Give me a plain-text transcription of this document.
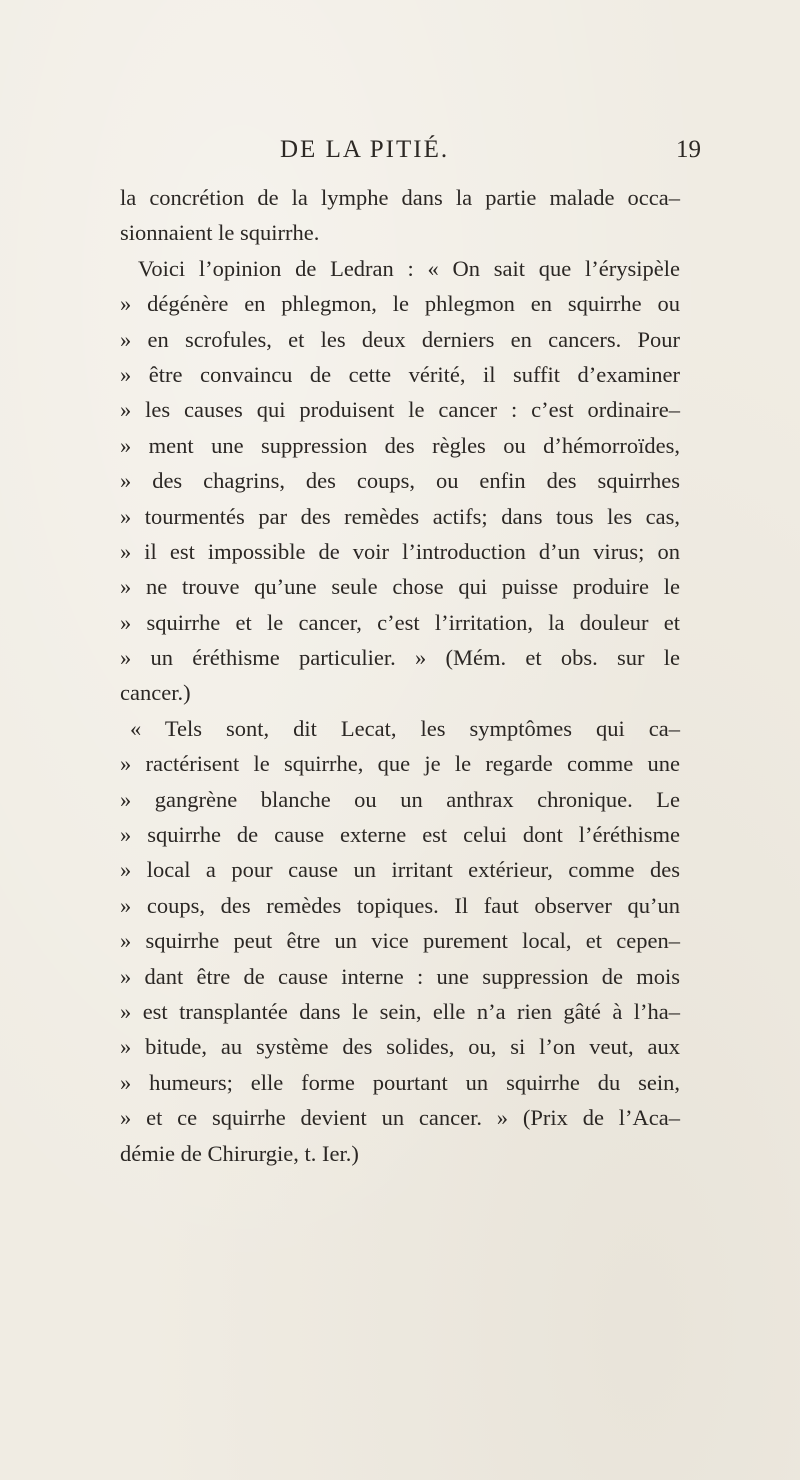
DE LA PITIÉ.	19
la concrétion de la lymphe dans la partie malade occa–
sionnaient le squirrhe.
Voici l’opinion de Ledran : « On sait que l’érysipèle
» dégénère en phlegmon, le phlegmon en squirrhe ou
» en scrofules, et les deux derniers en cancers. Pour
» être convaincu de cette vérité, il suffit d’examiner
» les causes qui produisent le cancer : c’est ordinaire–
» ment une suppression des règles ou d’hémorroïdes,
» des chagrins, des coups, ou enfin des squirrhes
» tourmentés par des remèdes actifs; dans tous les cas,
» il est impossible de voir l’introduction d’un virus; on
» ne trouve qu’une seule chose qui puisse produire le
» squirrhe et le cancer, c’est l’irritation, la douleur et
» un éréthisme particulier. » (Mém. et obs. sur le
cancer.)
« Tels sont, dit Lecat, les symptômes qui ca–
» ractérisent le squirrhe, que je le regarde comme une
» gangrène blanche ou un anthrax chronique. Le
» squirrhe de cause externe est celui dont l’éréthisme
» local a pour cause un irritant extérieur, comme des
» coups, des remèdes topiques. Il faut observer qu’un
» squirrhe peut être un vice purement local, et cepen–
» dant être de cause interne : une suppression de mois
» est transplantée dans le sein, elle n’a rien gâté à l’ha–
» bitude, au système des solides, ou, si l’on veut, aux
» humeurs; elle forme pourtant un squirrhe du sein,
» et ce squirrhe devient un cancer. » (Prix de l’Aca–
démie de Chirurgie, t. Ier.)
